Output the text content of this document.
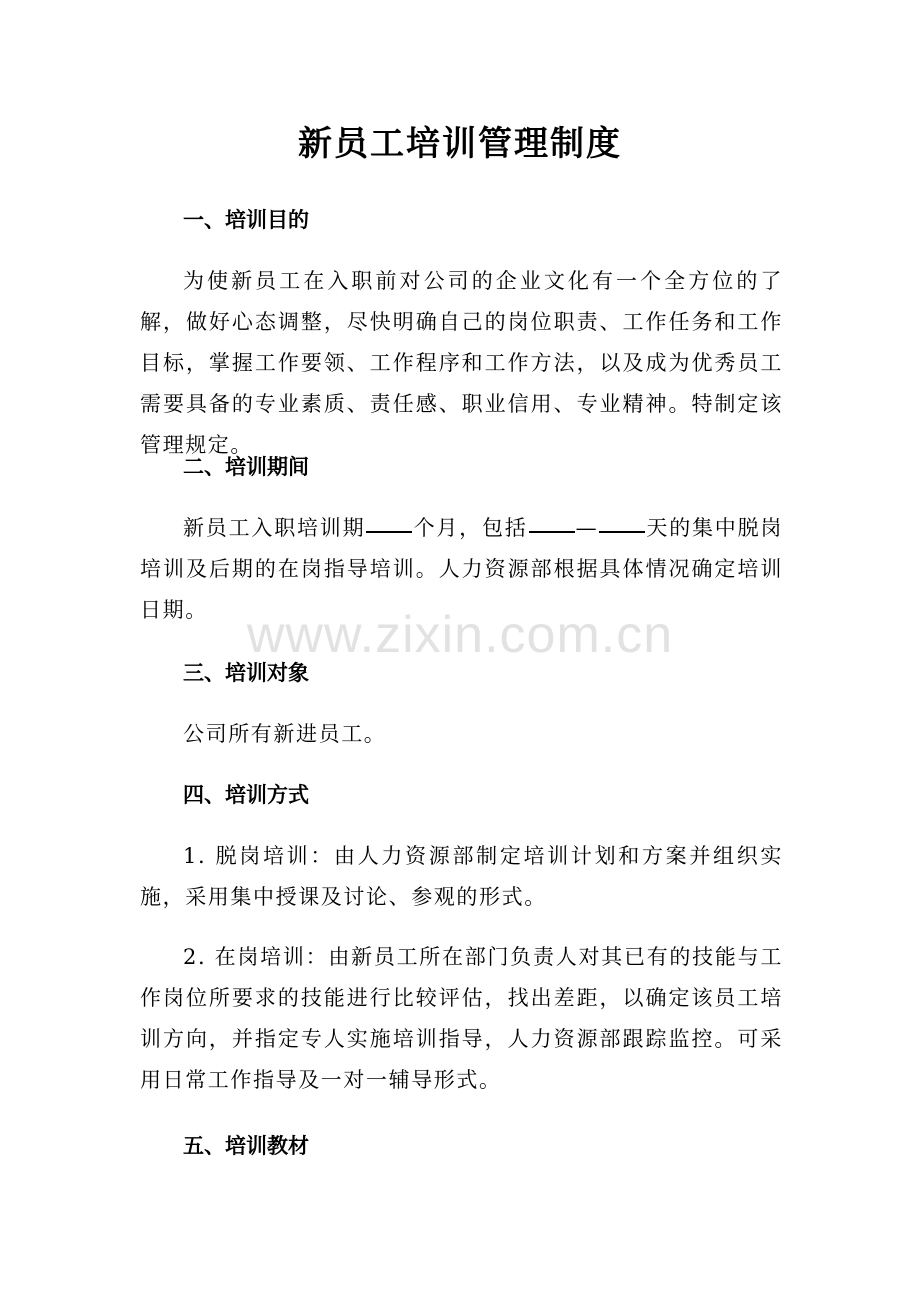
新员工培训管理制度
一、培训目的

为使新员工在入职前对公司的企业文化有一个全方位的了解，做好心态调整，尽快明确自己的岗位职责、工作任务和工作目标，掌握工作要领、工作程序和工作方法，以及成为优秀员工需要具备的专业素质、责任感、职业信用、专业精神。特制定该管理规定。

二、培训期间

新员工入职培训期 个月，包括 — 天的集中脱岗培训及后期的在岗指导培训。人力资源部根据具体情况确定培训日期。

三、培训对象

公司所有新进员工。

四、培训方式

1. 脱岗培训：由人力资源部制定培训计划和方案并组织实施，采用集中授课及讨论、参观的形式。

2. 在岗培训：由新员工所在部门负责人对其已有的技能与工作岗位所要求的技能进行比较评估，找出差距，以确定该员工培训方向，并指定专人实施培训指导，人力资源部跟踪监控。可采用日常工作指导及一对一辅导形式。

五、培训教材
www.zixin.com.cn
